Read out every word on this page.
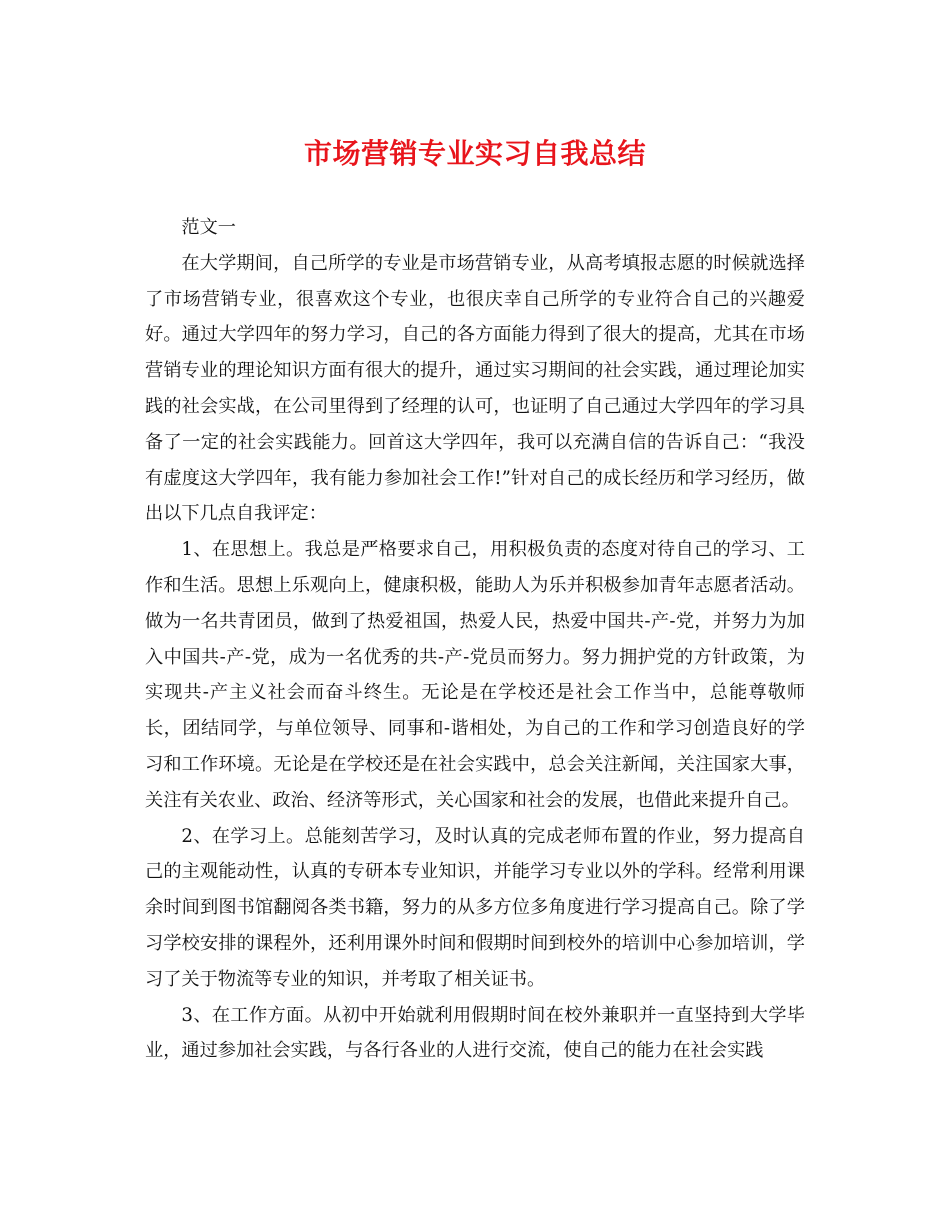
市场营销专业实习自我总结

范文一

在大学期间，自己所学的专业是市场营销专业，从高考填报志愿的时候就选择了市场营销专业，很喜欢这个专业，也很庆幸自己所学的专业符合自己的兴趣爱好。通过大学四年的努力学习，自己的各方面能力得到了很大的提高，尤其在市场营销专业的理论知识方面有很大的提升，通过实习期间的社会实践，通过理论加实践的社会实战，在公司里得到了经理的认可，也证明了自己通过大学四年的学习具备了一定的社会实践能力。回首这大学四年，我可以充满自信的告诉自己：“我没有虚度这大学四年，我有能力参加社会工作!”针对自己的成长经历和学习经历，做出以下几点自我评定：

1、在思想上。我总是严格要求自己，用积极负责的态度对待自己的学习、工作和生活。思想上乐观向上，健康积极，能助人为乐并积极参加青年志愿者活动。做为一名共青团员，做到了热爱祖国，热爱人民，热爱中国共-产-党，并努力为加入中国共-产-党，成为一名优秀的共-产-党员而努力。努力拥护党的方针政策，为实现共-产主义社会而奋斗终生。无论是在学校还是社会工作当中，总能尊敬师长，团结同学，与单位领导、同事和-谐相处，为自己的工作和学习创造良好的学习和工作环境。无论是在学校还是在社会实践中，总会关注新闻，关注国家大事，关注有关农业、政治、经济等形式，关心国家和社会的发展，也借此来提升自己。

2、在学习上。总能刻苦学习，及时认真的完成老师布置的作业，努力提高自己的主观能动性，认真的专研本专业知识，并能学习专业以外的学科。经常利用课余时间到图书馆翻阅各类书籍，努力的从多方位多角度进行学习提高自己。除了学习学校安排的课程外，还利用课外时间和假期时间到校外的培训中心参加培训，学习了关于物流等专业的知识，并考取了相关证书。

3、在工作方面。从初中开始就利用假期时间在校外兼职并一直坚持到大学毕业，通过参加社会实践，与各行各业的人进行交流，使自己的能力在社会实践
